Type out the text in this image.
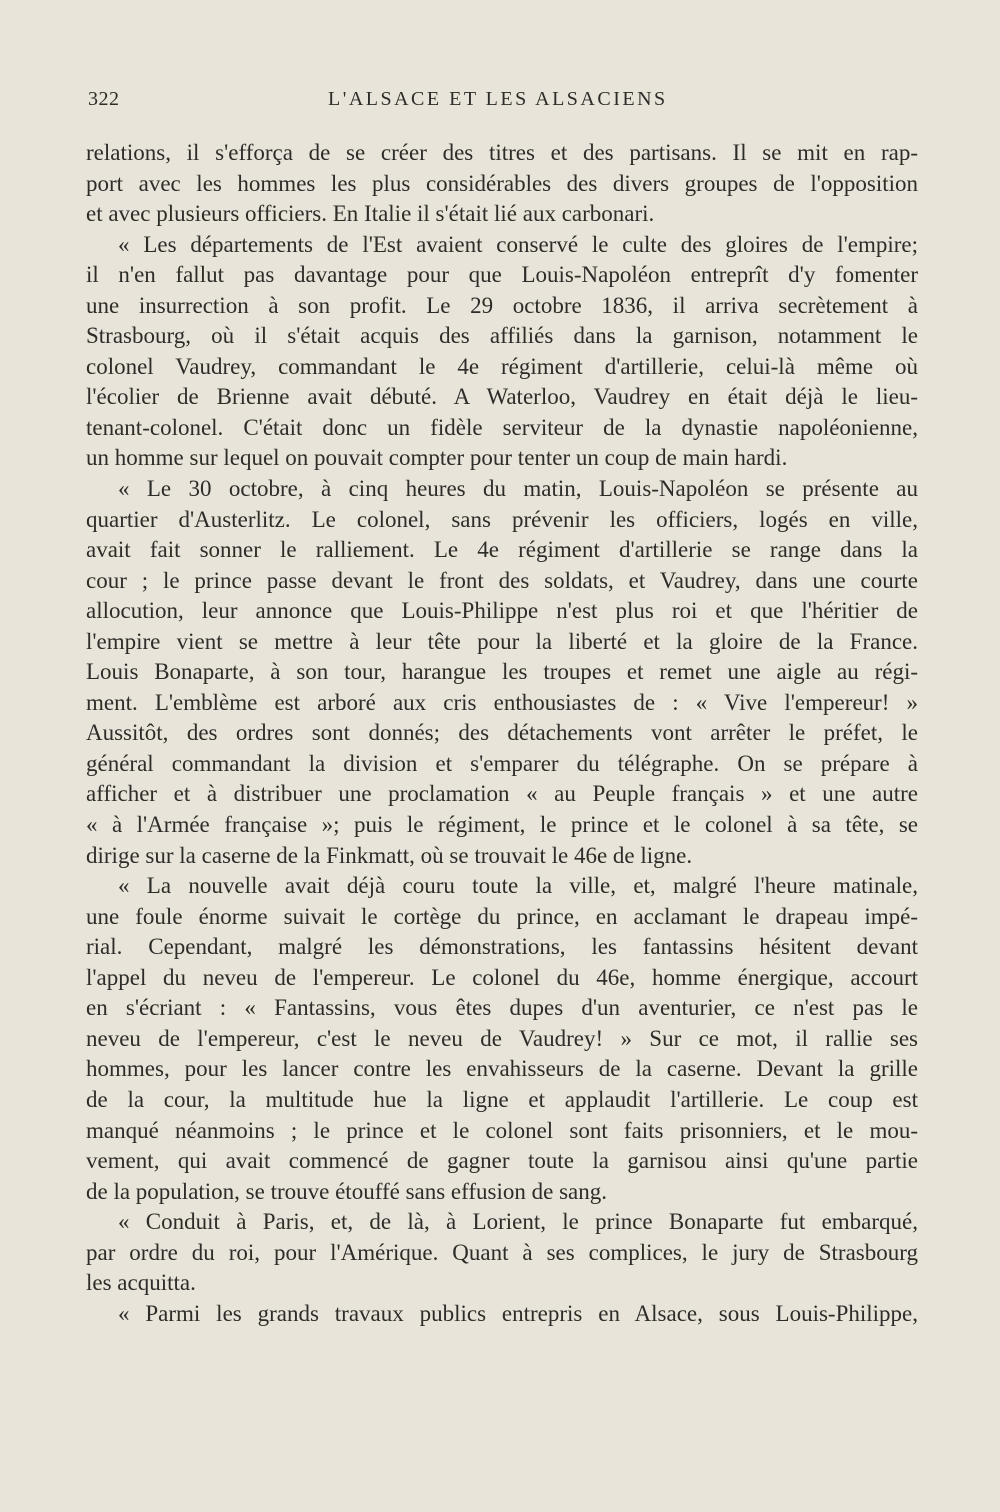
322	L'ALSACE ET LES ALSACIENS
relations, il s'efforça de se créer des titres et des partisans. Il se mit en rap-
port avec les hommes les plus considérables des divers groupes de l'opposition
et avec plusieurs officiers. En Italie il s'était lié aux carbonari.
« Les départements de l'Est avaient conservé le culte des gloires de l'empire;
il n'en fallut pas davantage pour que Louis-Napoléon entreprît d'y fomenter
une insurrection à son profit. Le 29 octobre 1836, il arriva secrètement à
Strasbourg, où il s'était acquis des affiliés dans la garnison, notamment le
colonel Vaudrey, commandant le 4e régiment d'artillerie, celui-là même où
l'écolier de Brienne avait débuté. A Waterloo, Vaudrey en était déjà le lieu-
tenant-colonel. C'était donc un fidèle serviteur de la dynastie napoléonienne,
un homme sur lequel on pouvait compter pour tenter un coup de main hardi.
« Le 30 octobre, à cinq heures du matin, Louis-Napoléon se présente au
quartier d'Austerlitz. Le colonel, sans prévenir les officiers, logés en ville,
avait fait sonner le ralliement. Le 4e régiment d'artillerie se range dans la
cour ; le prince passe devant le front des soldats, et Vaudrey, dans une courte
allocution, leur annonce que Louis-Philippe n'est plus roi et que l'héritier de
l'empire vient se mettre à leur tête pour la liberté et la gloire de la France.
Louis Bonaparte, à son tour, harangue les troupes et remet une aigle au régi-
ment. L'emblème est arboré aux cris enthousiastes de : « Vive l'empereur! »
Aussitôt, des ordres sont donnés; des détachements vont arrêter le préfet, le
général commandant la division et s'emparer du télégraphe. On se prépare à
afficher et à distribuer une proclamation « au Peuple français » et une autre
« à l'Armée française »; puis le régiment, le prince et le colonel à sa tête, se
dirige sur la caserne de la Finkmatt, où se trouvait le 46e de ligne.
« La nouvelle avait déjà couru toute la ville, et, malgré l'heure matinale,
une foule énorme suivait le cortège du prince, en acclamant le drapeau impé-
rial. Cependant, malgré les démonstrations, les fantassins hésitent devant
l'appel du neveu de l'empereur. Le colonel du 46e, homme énergique, accourt
en s'écriant : « Fantassins, vous êtes dupes d'un aventurier, ce n'est pas le
neveu de l'empereur, c'est le neveu de Vaudrey! » Sur ce mot, il rallie ses
hommes, pour les lancer contre les envahisseurs de la caserne. Devant la grille
de la cour, la multitude hue la ligne et applaudit l'artillerie. Le coup est
manqué néanmoins ; le prince et le colonel sont faits prisonniers, et le mou-
vement, qui avait commencé de gagner toute la garnisou ainsi qu'une partie
de la population, se trouve étouffé sans effusion de sang.
« Conduit à Paris, et, de là, à Lorient, le prince Bonaparte fut embarqué,
par ordre du roi, pour l'Amérique. Quant à ses complices, le jury de Strasbourg
les acquitta.
« Parmi les grands travaux publics entrepris en Alsace, sous Louis-Philippe,
